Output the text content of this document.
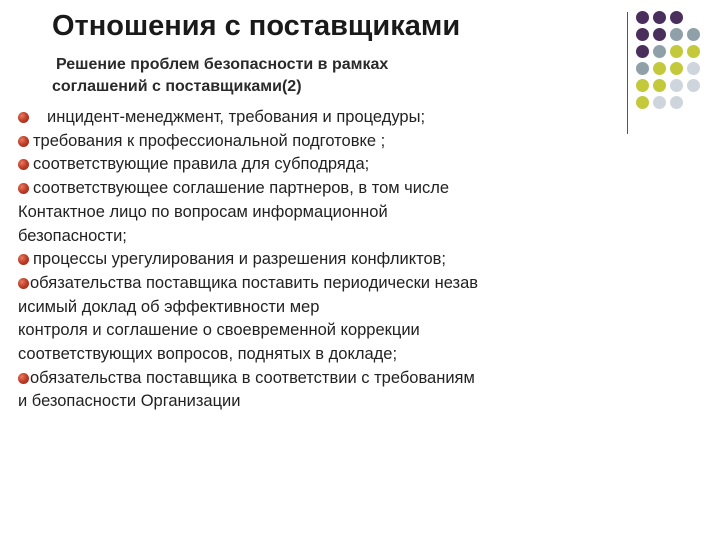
Отношения с поставщиками
Решение проблем безопасности в рамках
соглашений с поставщиками(2)
инцидент-менеджмент, требования и процедуры;
требования к профессиональной подготовке ;
соответствующие правила для субподряда;
соответствующее соглашение партнеров, в том числе
Контактное лицо по вопросам информационной
безопасности;
процессы урегулирования и разрешения конфликтов;
обязательства поставщика поставить периодически незав
исимый доклад об эффективности мер
контроля и соглашение о своевременной коррекции
соответствующих вопросов, поднятых в докладе;
обязательства поставщика в соответствии с требованиям
и безопасности Организации
